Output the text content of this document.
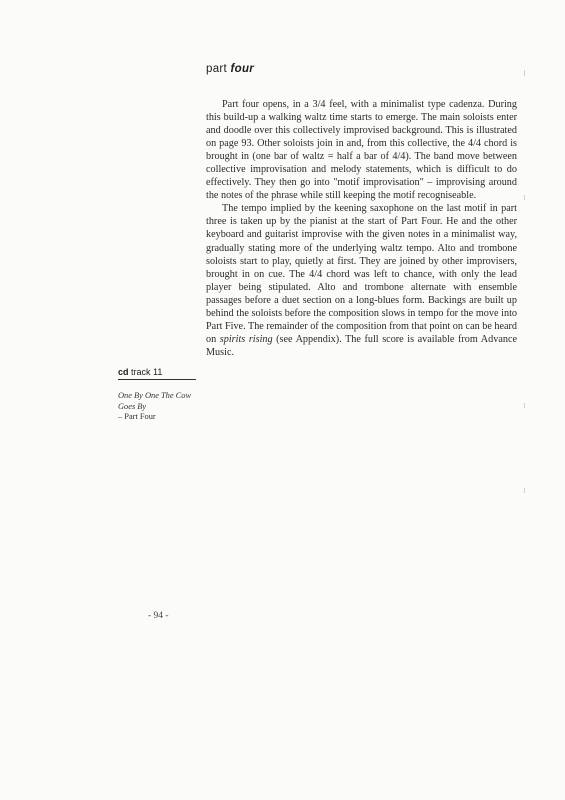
part four

Part four opens, in a 3/4 feel, with a minimalist type cadenza. During this build-up a walking waltz time starts to emerge. The main soloists enter and doodle over this collectively improvised background. This is illustrated on page 93. Other soloists join in and, from this collective, the 4/4 chord is brought in (one bar of waltz = half a bar of 4/4). The band move between collective improvisation and melody statements, which is difficult to do effectively. They then go into "motif improvisation" – improvising around the notes of the phrase while still keeping the motif recogniseable.

The tempo implied by the keening saxophone on the last motif in part three is taken up by the pianist at the start of Part Four. He and the other keyboard and guitarist improvise with the given notes in a minimalist way, gradually stating more of the underlying waltz tempo. Alto and trombone soloists start to play, quietly at first. They are joined by other improvisers, brought in on cue. The 4/4 chord was left to chance, with only the lead player being stipulated. Alto and trombone alternate with ensemble passages before a duet section on a long-blues form. Backings are built up behind the soloists before the composition slows in tempo for the move into Part Five. The remainder of the composition from that point on can be heard on spirits rising (see Appendix). The full score is available from Advance Music.

cd track 11
One By One The Cow Goes By
– Part Four
- 94 -
